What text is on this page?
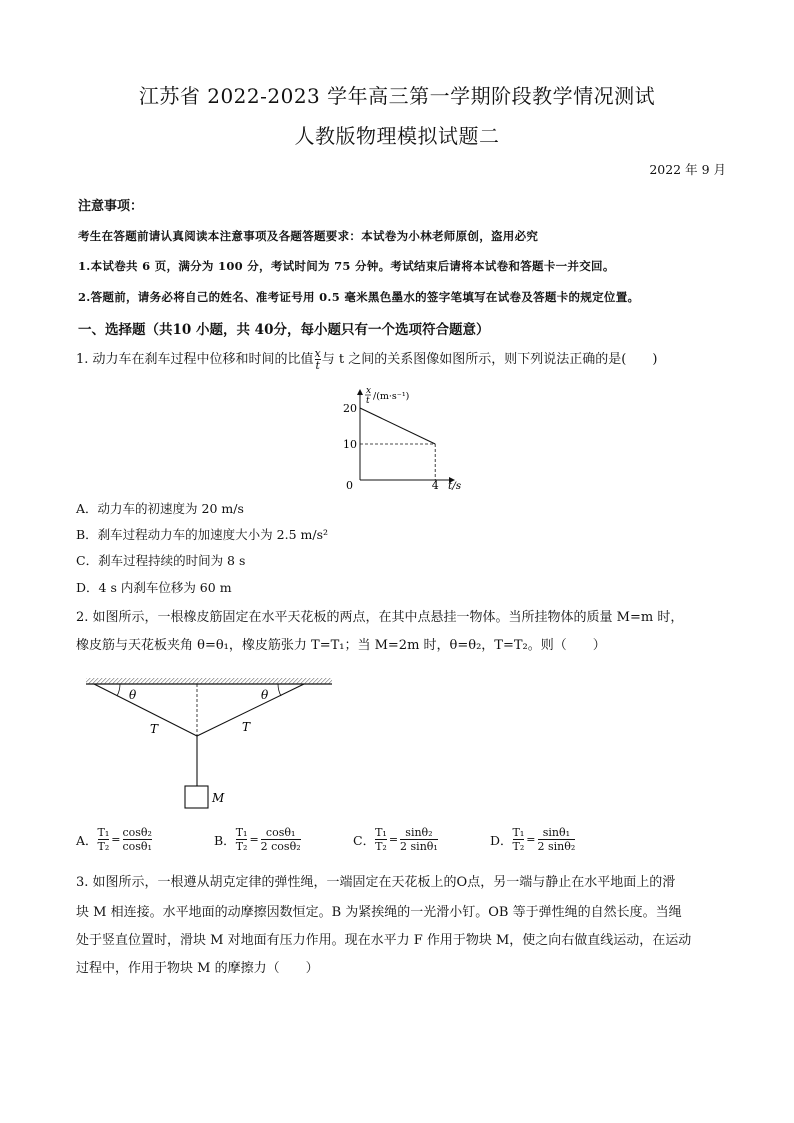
江苏省 2022-2023 学年高三第一学期阶段教学情况测试
人教版物理模拟试题二
2022 年 9 月
注意事项：
考生在答题前请认真阅读本注意事项及各题答题要求：本试卷为小林老师原创，盗用必究
1.本试卷共 6 页，满分为 100 分，考试时间为 75 分钟。考试结束后请将本试卷和答题卡一并交回。
2.答题前，请务必将自己的姓名、准考证号用 0.5 毫米黑色墨水的签字笔填写在试卷及答题卡的规定位置。
一、选择题（共10 小题，共 40分，每小题只有一个选项符合题意）
1. 动力车在刹车过程中位移和时间的比值$\frac{x}{t}$ 与 t 之间的关系图像如图所示，则下列说法正确的是(　　)
20
10
4
0	t/s
x
t /(m·s⁻¹)
A．动力车的初速度为 20 m/s
B．刹车过程动力车的加速度大小为 2.5 m/s²
C．刹车过程持续的时间为 8 s
D．4 s 内刹车位移为 60 m
2. 如图所示，一根橡皮筋固定在水平天花板的两点，在其中点悬挂一物体。当所挂物体的质量 M=m 时，
橡皮筋与天花板夹角 θ=θ₁，橡皮筋张力 T=T₁；当 M=2m 时，θ=θ₂，T=T₂。则（　　）
θ	θ
T	T
M
A． $\frac{\text{T₁}}{\text{T₂}} = \frac{\text{cosθ₂}}{\text{cosθ₁}}$	B． $\frac{\text{T₁}}{\text{T₂}} = \frac{\text{cosθ₁}}{\text{2 cosθ₂}}$	C． $\frac{\text{T₁}}{\text{T₂}} = \frac{\text{sinθ₂}}{\text{2 sinθ₁}}$	D． $\frac{\text{T₁}}{\text{T₂}} = \frac{\text{sinθ₁}}{\text{2 sinθ₂}}$
3. 如图所示，一根遵从胡克定律的弹性绳，一端固定在天花板上的O点，另一端与静止在水平地面上的滑
块 M 相连接。水平地面的动摩擦因数恒定。B 为紧挨绳的一光滑小钉。OB 等于弹性绳的自然长度。当绳
处于竖直位置时，滑块 M 对地面有压力作用。现在水平力 F 作用于物块 M，使之向右做直线运动，在运动
过程中，作用于物块 M 的摩擦力（　　）
